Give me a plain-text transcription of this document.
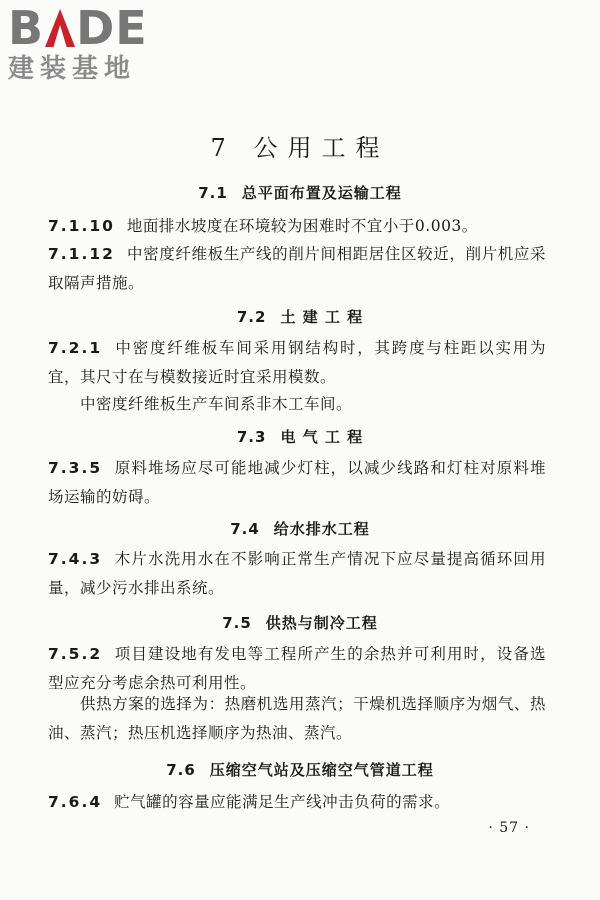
B DE
建装基地
7 公用工程
7.1 总平面布置及运输工程

7.1.10 地面排水坡度在环境较为困难时不宜小于0.003。

7.1.12 中密度纤维板生产线的削片间相距居住区较近，削片机应采取隔声措施。

7.2 土 建 工 程

7.2.1 中密度纤维板车间采用钢结构时，其跨度与柱距以实用为宜，其尺寸在与模数接近时宜采用模数。

中密度纤维板生产车间系非木工车间。

7.3 电 气 工 程

7.3.5 原料堆场应尽可能地减少灯柱，以减少线路和灯柱对原料堆场运输的妨碍。

7.4 给水排水工程

7.4.3 木片水洗用水在不影响正常生产情况下应尽量提高循环回用量，减少污水排出系统。

7.5 供热与制冷工程

7.5.2 项目建设地有发电等工程所产生的余热并可利用时，设备选型应充分考虑余热可利用性。

供热方案的选择为：热磨机选用蒸汽；干燥机选择顺序为烟气、热油、蒸汽；热压机选择顺序为热油、蒸汽。

7.6 压缩空气站及压缩空气管道工程

7.6.4 贮气罐的容量应能满足生产线冲击负荷的需求。

· 57 ·
